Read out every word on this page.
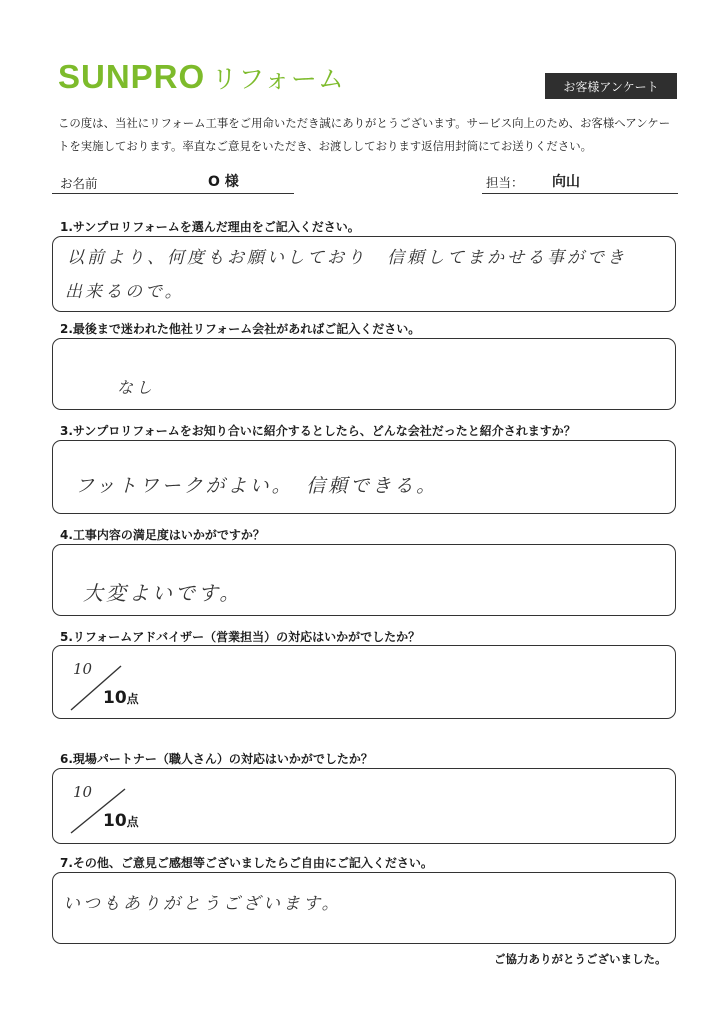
SUNPRO リフォーム	お客様アンケート
この度は、当社にリフォーム工事をご用命いただき誠にありがとうございます。サービス向上のため、お客様へアンケー
トを実施しております。率直なご意見をいただき、お渡ししております返信用封筒にてお送りください。
お名前	O 様	担当： 向山
1.サンプロリフォームを選んだ理由をご記入ください。
以前より、何度もお願いしており　信頼してまかせる事ができ
出来るので。
2.最後まで迷われた他社リフォーム会社があればご記入ください。
なし
3.サンプロリフォームをお知り合いに紹介するとしたら、どんな会社だったと紹介されますか？
フットワークがよい。　信頼できる。
4.工事内容の満足度はいかがですか？
大変よいです。
5.リフォームアドバイザー（営業担当）の対応はいかがでしたか？
10
10点
6.現場パートナー（職人さん）の対応はいかがでしたか？
10
10点
7.その他、ご意見ご感想等ございましたらご自由にご記入ください。
いつもありがとうございます。
ご協力ありがとうございました。
